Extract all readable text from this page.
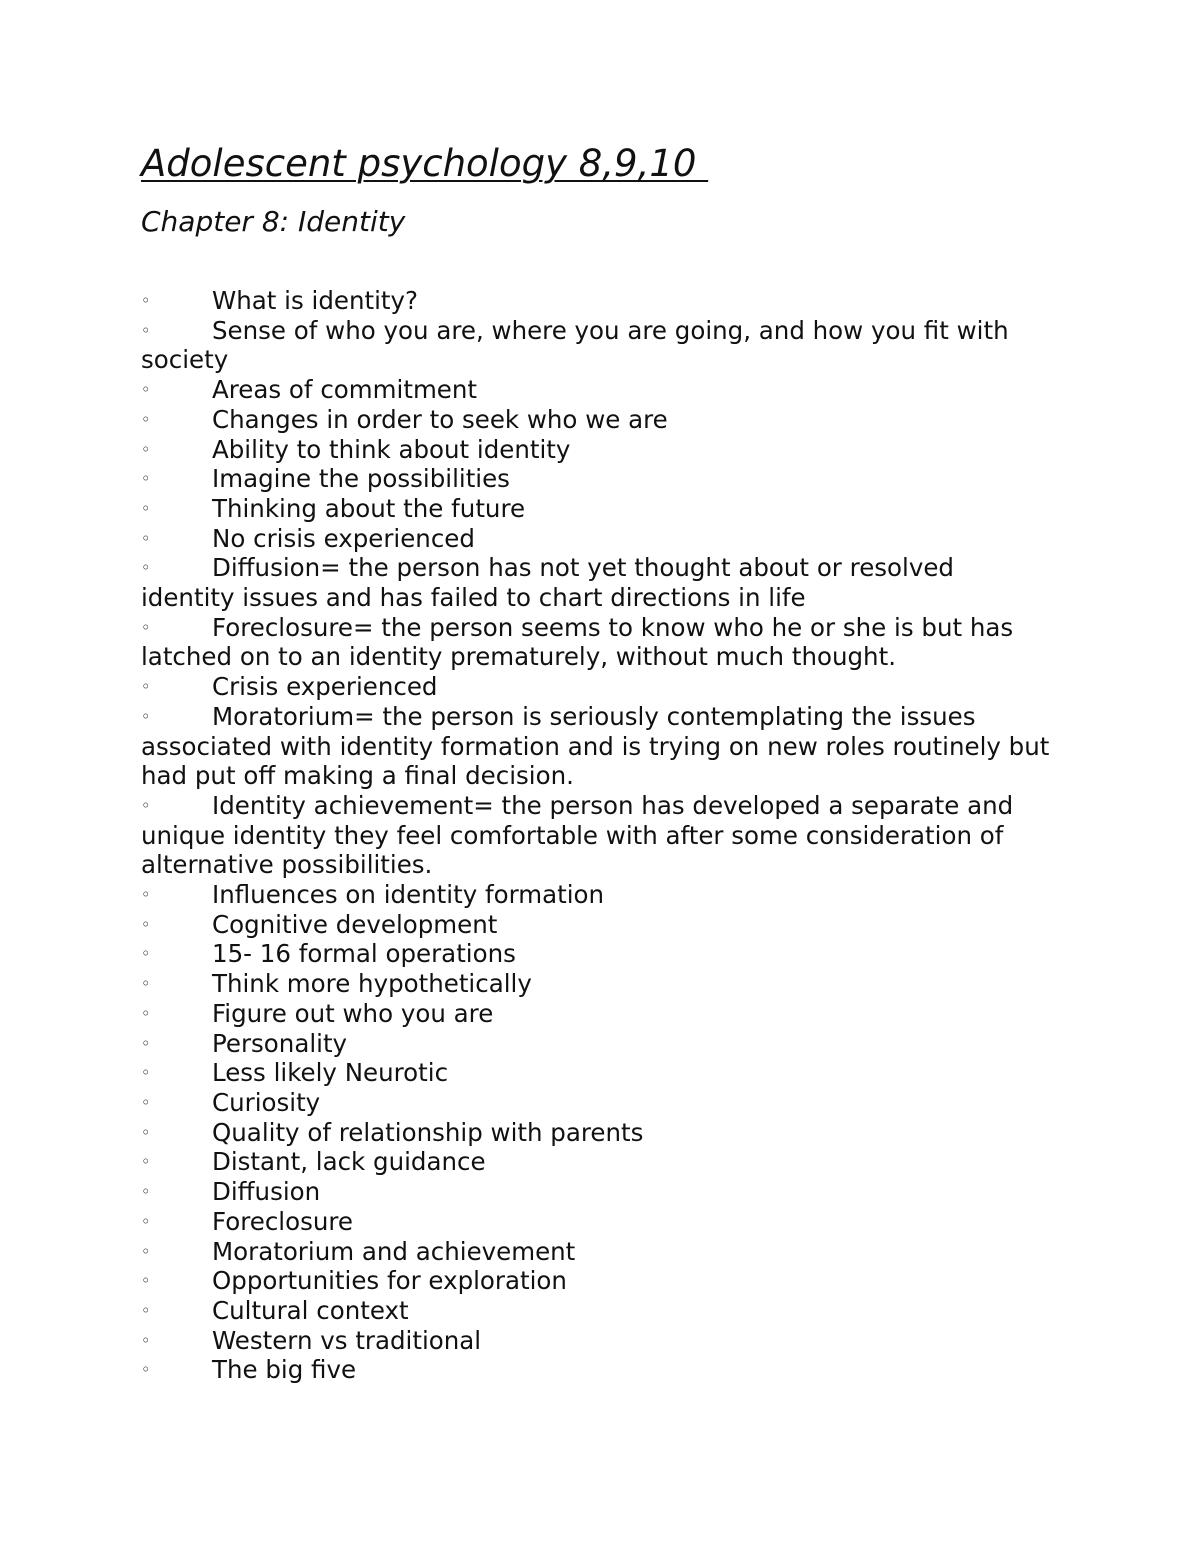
Adolescent psychology 8,9,10
Chapter 8: Identity
◦	What is identity?
◦	Sense of who you are, where you are going, and how you fit with society
◦	Areas of commitment
◦	Changes in order to seek who we are
◦	Ability to think about identity
◦	Imagine the possibilities
◦	Thinking about the future
◦	No crisis experienced
◦	Diffusion= the person has not yet thought about or resolved identity issues and has failed to chart directions in life
◦	Foreclosure= the person seems to know who he or she is but has latched on to an identity prematurely, without much thought.
◦	Crisis experienced
◦	Moratorium= the person is seriously contemplating the issues associated with identity formation and is trying on new roles routinely but had put off making a final decision.
◦	Identity achievement= the person has developed a separate and unique identity they feel comfortable with after some consideration of alternative possibilities.
◦	Influences on identity formation
◦	Cognitive development
◦	15- 16 formal operations
◦	Think more hypothetically
◦	Figure out who you are
◦	Personality
◦	Less likely Neurotic
◦	Curiosity
◦	Quality of relationship with parents
◦	Distant, lack guidance
◦	Diffusion
◦	Foreclosure
◦	Moratorium and achievement
◦	Opportunities for exploration
◦	Cultural context
◦	Western vs traditional
◦	The big five
